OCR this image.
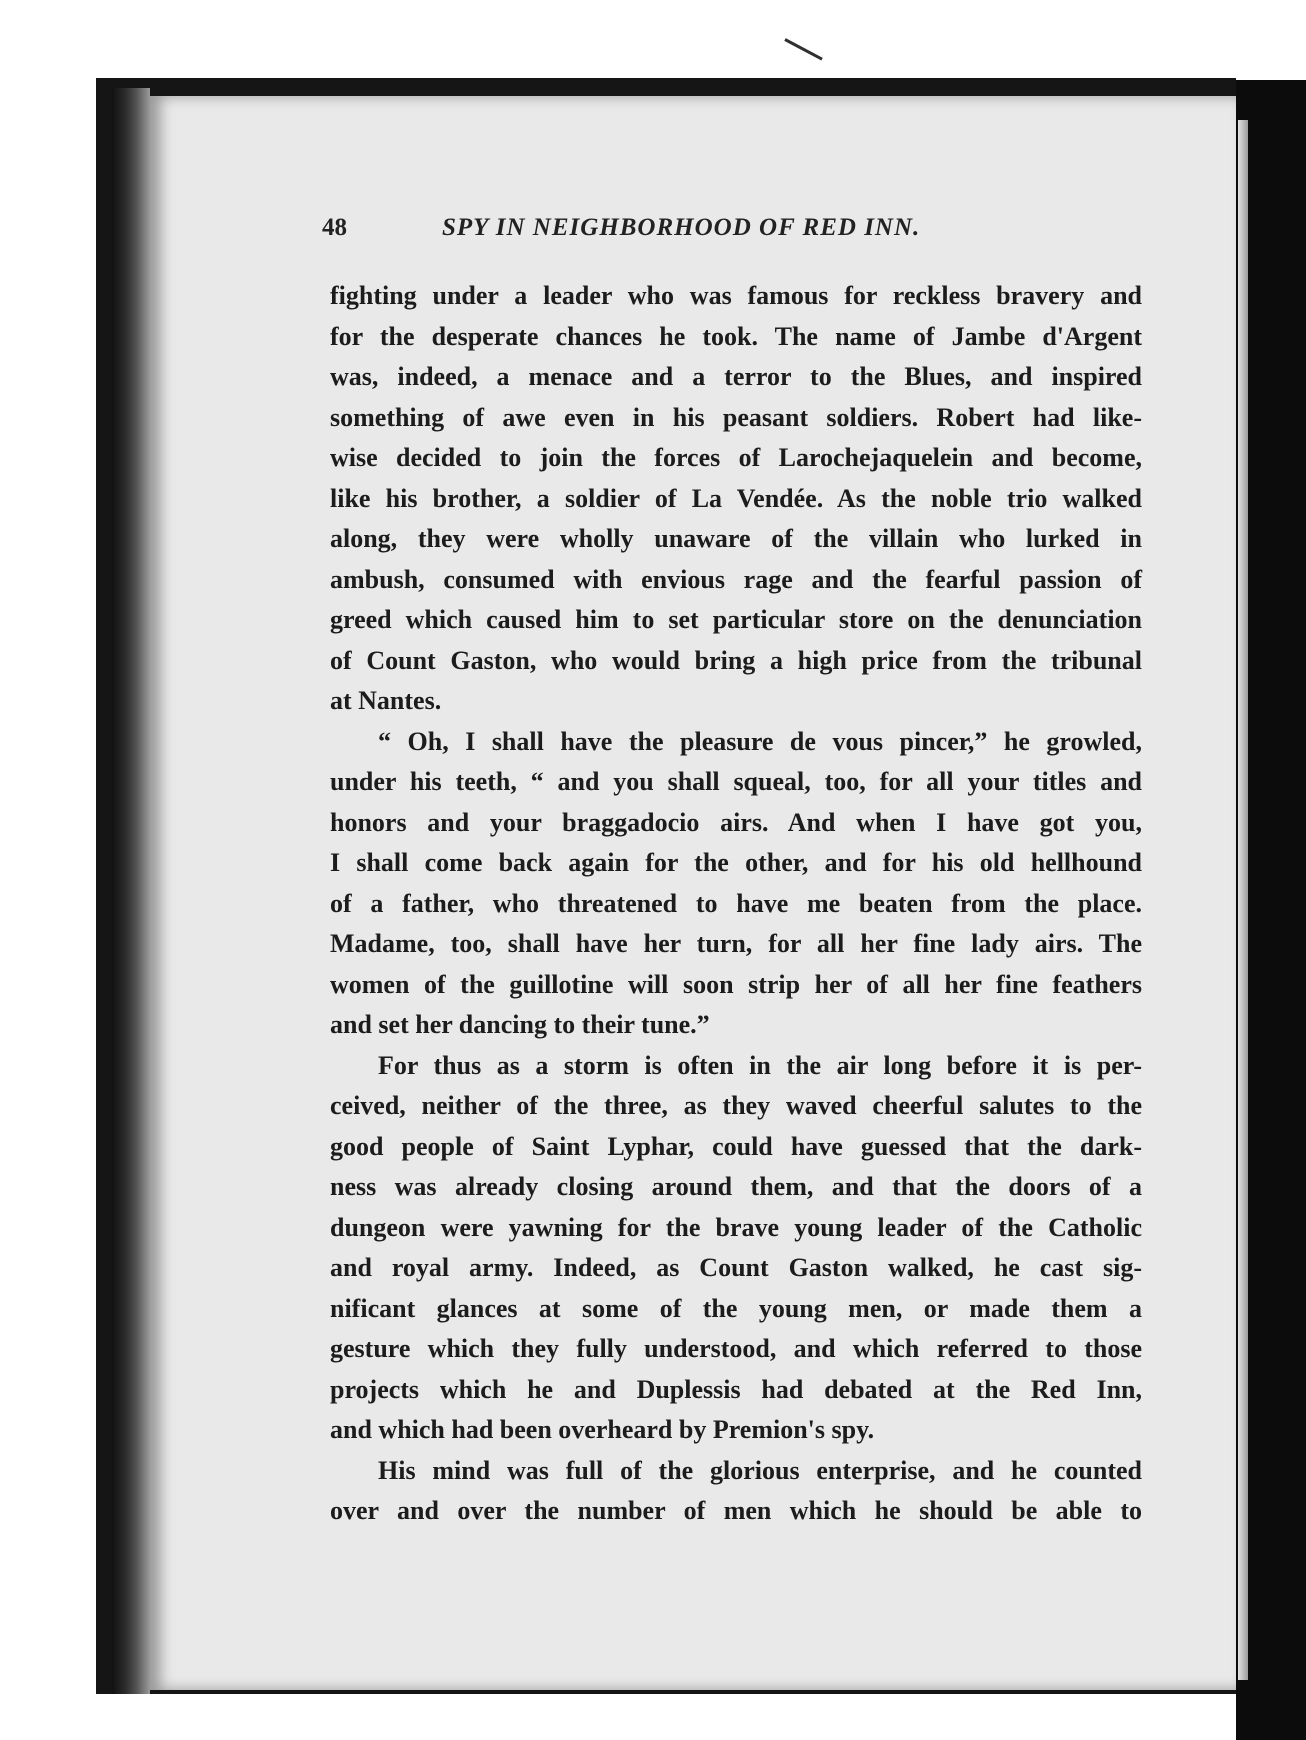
48	SPY IN NEIGHBORHOOD OF RED INN.
fighting under a leader who was famous for reckless bravery and
for the desperate chances he took. The name of Jambe d'Argent
was, indeed, a menace and a terror to the Blues, and inspired
something of awe even in his peasant soldiers. Robert had like-
wise decided to join the forces of Larochejaquelein and become,
like his brother, a soldier of La Vendée. As the noble trio walked
along, they were wholly unaware of the villain who lurked in
ambush, consumed with envious rage and the fearful passion of
greed which caused him to set particular store on the denunciation
of Count Gaston, who would bring a high price from the tribunal
at Nantes.
“ Oh, I shall have the pleasure de vous pincer,” he growled,
under his teeth, “ and you shall squeal, too, for all your titles and
honors and your braggadocio airs. And when I have got you,
I shall come back again for the other, and for his old hellhound
of a father, who threatened to have me beaten from the place.
Madame, too, shall have her turn, for all her fine lady airs. The
women of the guillotine will soon strip her of all her fine feathers
and set her dancing to their tune.”
For thus as a storm is often in the air long before it is per-
ceived, neither of the three, as they waved cheerful salutes to the
good people of Saint Lyphar, could have guessed that the dark-
ness was already closing around them, and that the doors of a
dungeon were yawning for the brave young leader of the Catholic
and royal army. Indeed, as Count Gaston walked, he cast sig-
nificant glances at some of the young men, or made them a
gesture which they fully understood, and which referred to those
projects which he and Duplessis had debated at the Red Inn,
and which had been overheard by Premion's spy.
His mind was full of the glorious enterprise, and he counted
over and over the number of men which he should be able to
